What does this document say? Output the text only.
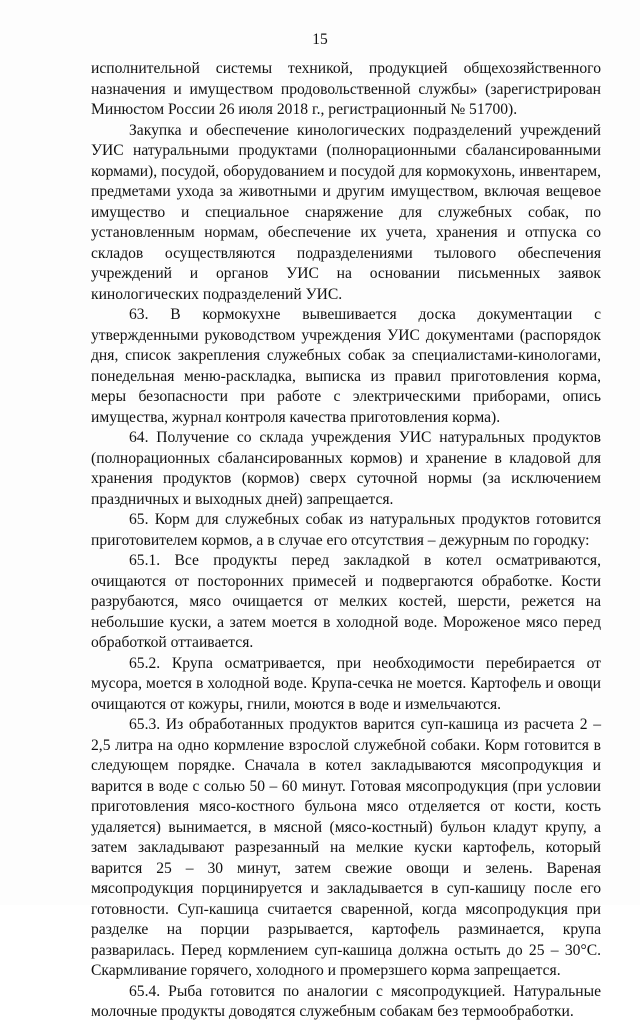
15

исполнительной системы техникой, продукцией общехозяйственного назначения и имуществом продовольственной службы» (зарегистрирован Минюстом России 26 июля 2018 г., регистрационный № 51700).

Закупка и обеспечение кинологических подразделений учреждений УИС натуральными продуктами (полнорационными сбалансированными кормами), посудой, оборудованием и посудой для кормокухонь, инвентарем, предметами ухода за животными и другим имуществом, включая вещевое имущество и специальное снаряжение для служебных собак, по установленным нормам, обеспечение их учета, хранения и отпуска со складов осуществляются подразделениями тылового обеспечения учреждений и органов УИС на основании письменных заявок кинологических подразделений УИС.

63. В кормокухне вывешивается доска документации с утвержденными руководством учреждения УИС документами (распорядок дня, список закрепления служебных собак за специалистами-кинологами, понедельная меню-раскладка, выписка из правил приготовления корма, меры безопасности при работе с электрическими приборами, опись имущества, журнал контроля качества приготовления корма).

64. Получение со склада учреждения УИС натуральных продуктов (полнорационных сбалансированных кормов) и хранение в кладовой для хранения продуктов (кормов) сверх суточной нормы (за исключением праздничных и выходных дней) запрещается.

65. Корм для служебных собак из натуральных продуктов готовится приготовителем кормов, а в случае его отсутствия – дежурным по городку:

65.1. Все продукты перед закладкой в котел осматриваются, очищаются от посторонних примесей и подвергаются обработке. Кости разрубаются, мясо очищается от мелких костей, шерсти, режется на небольшие куски, а затем моется в холодной воде. Мороженое мясо перед обработкой оттаивается.

65.2. Крупа осматривается, при необходимости перебирается от мусора, моется в холодной воде. Крупа-сечка не моется. Картофель и овощи очищаются от кожуры, гнили, моются в воде и измельчаются.

65.3. Из обработанных продуктов варится суп-кашица из расчета 2 – 2,5 литра на одно кормление взрослой служебной собаки. Корм готовится в следующем порядке. Сначала в котел закладываются мясопродукция и варится в воде с солью 50 – 60 минут. Готовая мясопродукция (при условии приготовления мясо-костного бульона мясо отделяется от кости, кость удаляется) вынимается, в мясной (мясо-костный) бульон кладут крупу, а затем закладывают разрезанный на мелкие куски картофель, который варится 25 – 30 минут, затем свежие овощи и зелень. Вареная мясопродукция порцинируется и закладывается в суп-кашицу после его готовности. Суп-кашица считается сваренной, когда мясопродукция при разделке на порции разрывается, картофель разминается, крупа разварилась. Перед кормлением суп-кашица должна остыть до 25 – 30°С. Скармливание горячего, холодного и промерзшего корма запрещается.

65.4. Рыба готовится по аналогии с мясопродукцией. Натуральные молочные продукты доводятся служебным собакам без термообработки.
